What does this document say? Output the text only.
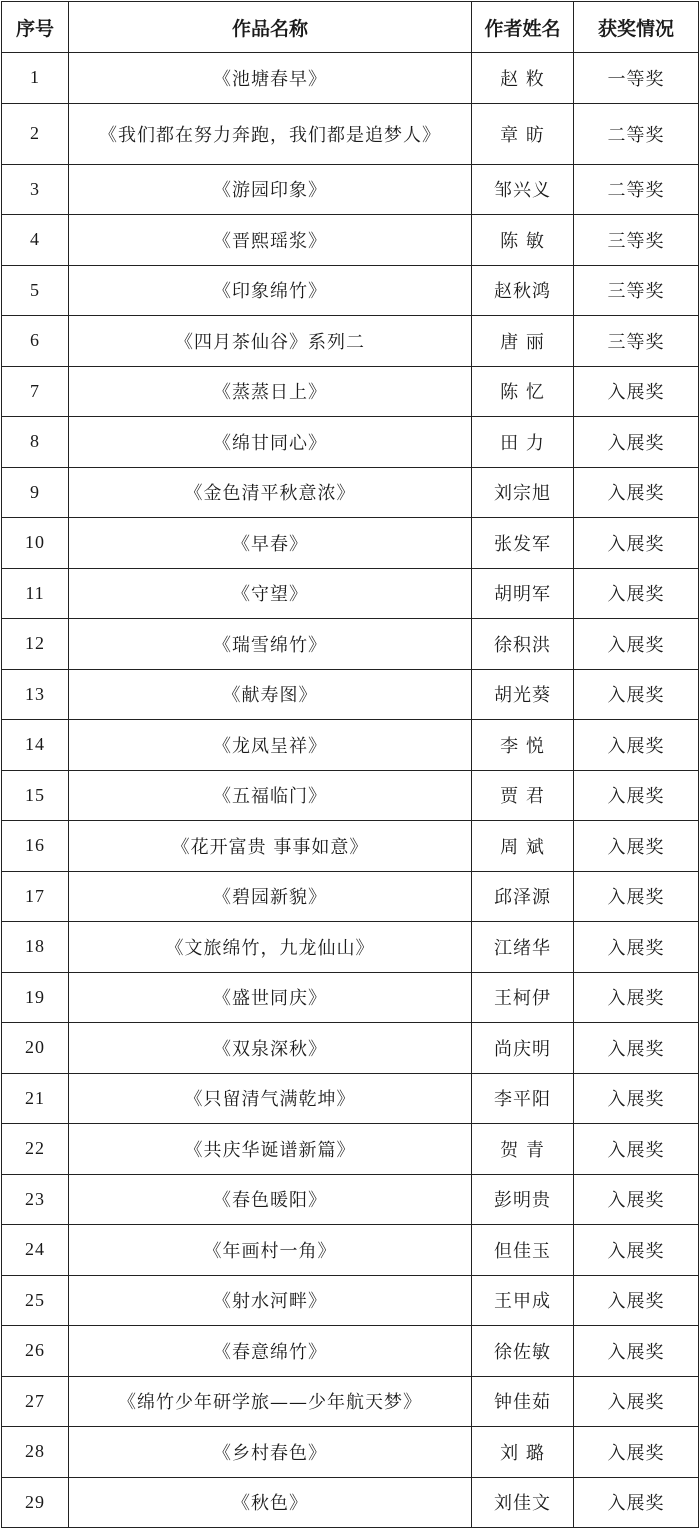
序号	作品名称	作者姓名	获奖情况
1	《池塘春早》	赵 敉	一等奖
2	《我们都在努力奔跑，我们都是追梦人》	章 昉	二等奖
3	《游园印象》	邹兴义	二等奖
4	《晋熙瑶浆》	陈 敏	三等奖
5	《印象绵竹》	赵秋鸿	三等奖
6	《四月茶仙谷》系列二	唐 丽	三等奖
7	《蒸蒸日上》	陈 忆	入展奖
8	《绵甘同心》	田 力	入展奖
9	《金色清平秋意浓》	刘宗旭	入展奖
10	《早春》	张发军	入展奖
11	《守望》	胡明军	入展奖
12	《瑞雪绵竹》	徐积洪	入展奖
13	《献寿图》	胡光葵	入展奖
14	《龙凤呈祥》	李 悦	入展奖
15	《五福临门》	贾 君	入展奖
16	《花开富贵 事事如意》	周 斌	入展奖
17	《碧园新貌》	邱泽源	入展奖
18	《文旅绵竹，九龙仙山》	江绪华	入展奖
19	《盛世同庆》	王柯伊	入展奖
20	《双泉深秋》	尚庆明	入展奖
21	《只留清气满乾坤》	李平阳	入展奖
22	《共庆华诞谱新篇》	贺 青	入展奖
23	《春色暖阳》	彭明贵	入展奖
24	《年画村一角》	但佳玉	入展奖
25	《射水河畔》	王甲成	入展奖
26	《春意绵竹》	徐佐敏	入展奖
27	《绵竹少年研学旅——少年航天梦》	钟佳茹	入展奖
28	《乡村春色》	刘 璐	入展奖
29	《秋色》	刘佳文	入展奖
